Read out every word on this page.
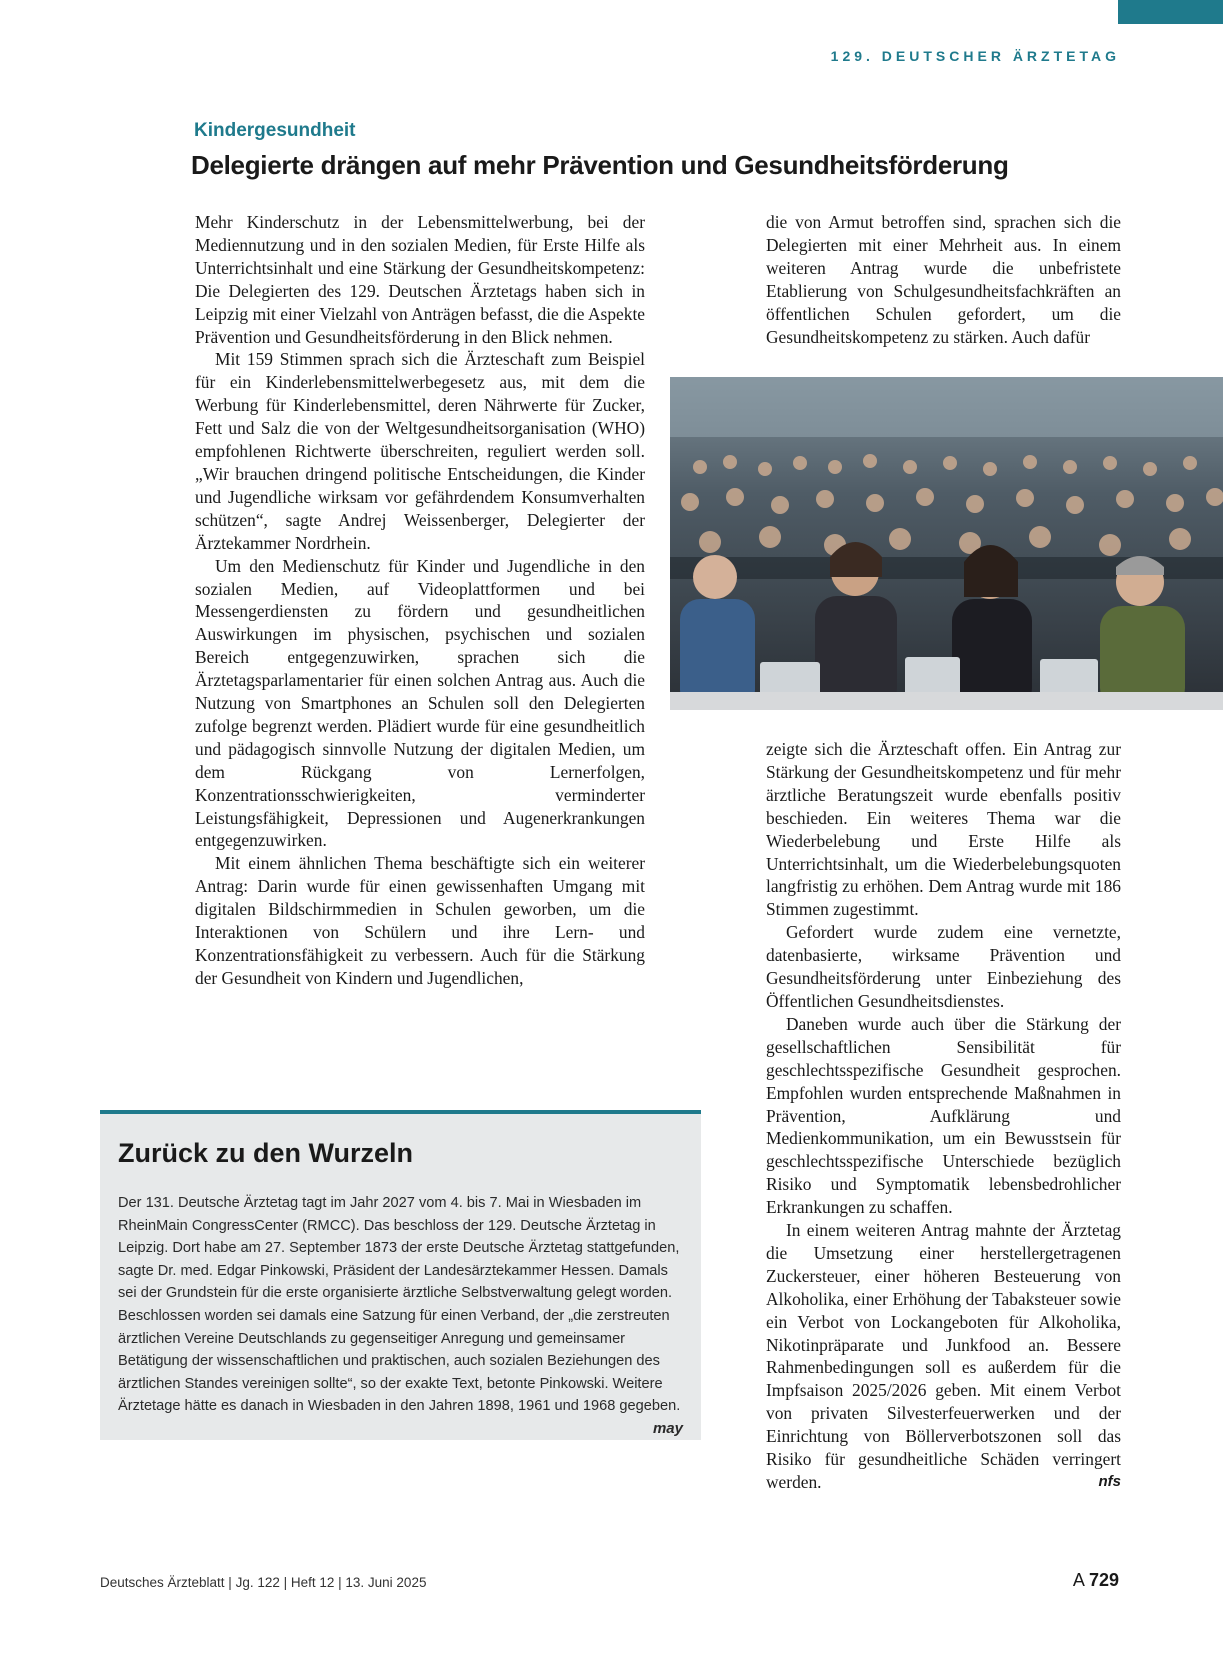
129. DEUTSCHER ÄRZTETAG
Kindergesundheit
Delegierte drängen auf mehr Prävention und Gesundheitsförderung

Mehr Kinderschutz in der Lebensmittelwerbung, bei der Mediennutzung und in den sozialen Medien, für Erste Hilfe als Unterrichtsinhalt und eine Stärkung der Gesundheitskompetenz: Die Delegierten des 129. Deutschen Ärztetags haben sich in Leipzig mit einer Vielzahl von Anträgen befasst, die die Aspekte Prävention und Gesundheitsförderung in den Blick nehmen.

Mit 159 Stimmen sprach sich die Ärzteschaft zum Beispiel für ein Kinderlebensmittelwerbegesetz aus, mit dem die Werbung für Kinderlebensmittel, deren Nährwerte für Zucker, Fett und Salz die von der Weltgesundheitsorganisation (WHO) empfohlenen Richtwerte überschreiten, reguliert werden soll. „Wir brauchen dringend politische Entscheidungen, die Kinder und Jugendliche wirksam vor gefährdendem Konsumverhalten schützen“, sagte Andrej Weissenberger, Delegierter der Ärztekammer Nordrhein.

Um den Medienschutz für Kinder und Jugendliche in den sozialen Medien, auf Videoplattformen und bei Messengerdiensten zu fördern und gesundheitlichen Auswirkungen im physischen, psychischen und sozialen Bereich entgegenzuwirken, sprachen sich die Ärztetagsparlamentarier für einen solchen Antrag aus. Auch die Nutzung von Smartphones an Schulen soll den Delegierten zufolge begrenzt werden. Plädiert wurde für eine gesundheitlich und pädagogisch sinnvolle Nutzung der digitalen Medien, um dem Rückgang von Lernerfolgen, Konzentrationsschwierigkeiten, verminderter Leistungsfähigkeit, Depressionen und Augenerkrankungen entgegenzuwirken.

Mit einem ähnlichen Thema beschäftigte sich ein weiterer Antrag: Darin wurde für einen gewissenhaften Umgang mit digitalen Bildschirmmedien in Schulen geworben, um die Interaktionen von Schülern und ihre Lern- und Konzentrationsfähigkeit zu verbessern. Auch für die Stärkung der Gesundheit von Kindern und Jugendlichen,

die von Armut betroffen sind, sprachen sich die Delegierten mit einer Mehrheit aus. In einem weiteren Antrag wurde die unbefristete Etablierung von Schulgesundheitsfachkräften an öffentlichen Schulen gefordert, um die Gesundheitskompetenz zu stärken. Auch dafür

zeigte sich die Ärzteschaft offen. Ein Antrag zur Stärkung der Gesundheitskompetenz und für mehr ärztliche Beratungszeit wurde ebenfalls positiv beschieden. Ein weiteres Thema war die Wiederbelebung und Erste Hilfe als Unterrichtsinhalt, um die Wiederbelebungsquoten langfristig zu erhöhen. Dem Antrag wurde mit 186 Stimmen zugestimmt.

Gefordert wurde zudem eine vernetzte, datenbasierte, wirksame Prävention und Gesundheitsförderung unter Einbeziehung des Öffentlichen Gesundheitsdienstes.

Daneben wurde auch über die Stärkung der gesellschaftlichen Sensibilität für geschlechtsspezifische Gesundheit gesprochen. Empfohlen wurden entsprechende Maßnahmen in Prävention, Aufklärung und Medienkommunikation, um ein Bewusstsein für geschlechtsspezifische Unterschiede bezüglich Risiko und Symptomatik lebensbedrohlicher Erkrankungen zu schaffen.

In einem weiteren Antrag mahnte der Ärztetag die Umsetzung einer herstellergetragenen Zuckersteuer, einer höheren Besteuerung von Alkoholika, einer Erhöhung der Tabaksteuer sowie ein Verbot von Lockangeboten für Alkoholika, Nikotinpräparate und Junkfood an. Bessere Rahmenbedingungen soll es außerdem für die Impfsaison 2025/2026 geben. Mit einem Verbot von privaten Silvesterfeuerwerken und der Einrichtung von Böllerverbotszonen soll das Risiko für gesundheitliche Schäden verringert werden.	nfs

Zurück zu den Wurzeln

Der 131. Deutsche Ärztetag tagt im Jahr 2027 vom 4. bis 7. Mai in Wiesbaden im RheinMain CongressCenter (RMCC). Das beschloss der 129. Deutsche Ärztetag in Leipzig. Dort habe am 27. September 1873 der erste Deutsche Ärztetag stattgefunden, sagte Dr. med. Edgar Pinkowski, Präsident der Landesärztekammer Hessen. Damals sei der Grundstein für die erste organisierte ärztliche Selbstverwaltung gelegt worden. Beschlossen worden sei damals eine Satzung für einen Verband, der „die zerstreuten ärztlichen Vereine Deutschlands zu gegenseitiger Anregung und gemeinsamer Betätigung der wissenschaftlichen und praktischen, auch sozialen Beziehungen des ärztlichen Standes vereinigen sollte“, so der exakte Text, betonte Pinkowski. Weitere Ärztetage hätte es danach in Wiesbaden in den Jahren 1898, 1961 und 1968 gegeben.
may

Deutsches Ärzteblatt | Jg. 122 | Heft 12 | 13. Juni 2025	A 729
